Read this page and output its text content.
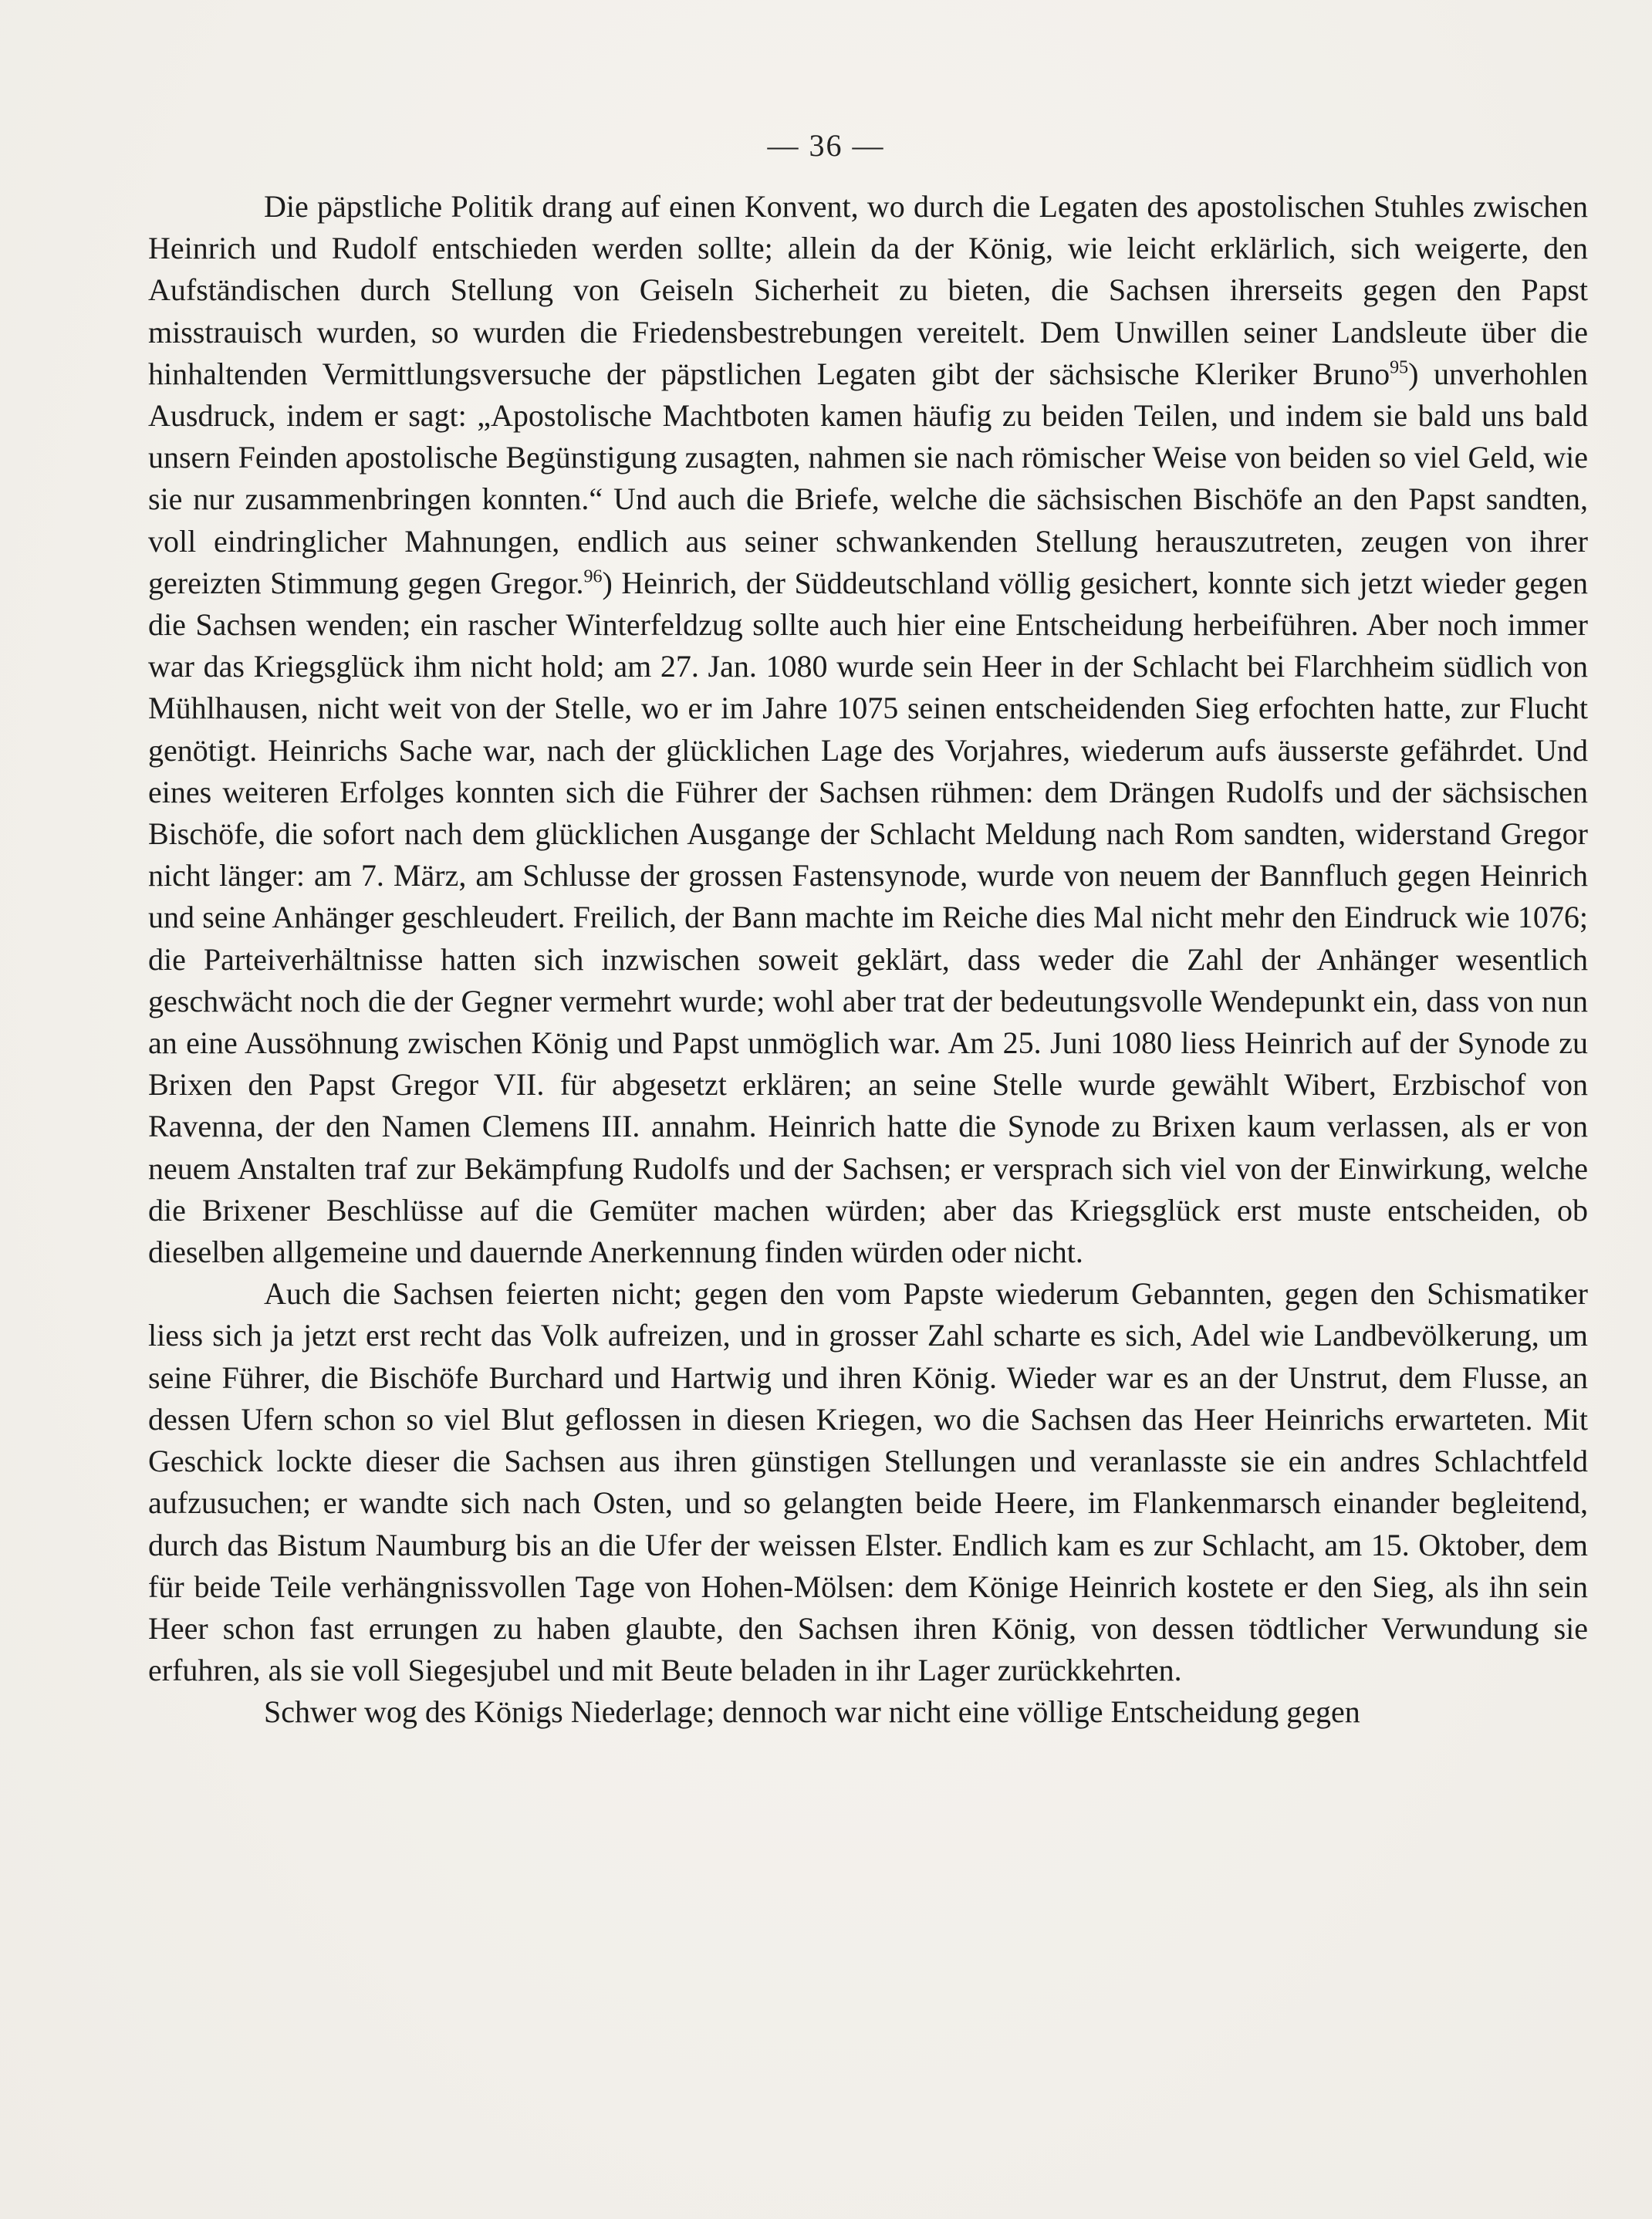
— 36 —

Die päpstliche Politik drang auf einen Konvent, wo durch die Legaten des apostolischen Stuhles zwischen Heinrich und Rudolf entschieden werden sollte; allein da der König, wie leicht erklärlich, sich weigerte, den Aufständischen durch Stellung von Geiseln Sicherheit zu bieten, die Sachsen ihrerseits gegen den Papst misstrauisch wurden, so wurden die Friedensbestrebungen vereitelt. Dem Unwillen seiner Landsleute über die hinhaltenden Vermittlungsversuche der päpstlichen Legaten gibt der sächsische Kleriker Bruno$^{95}$) unverhohlen Ausdruck, indem er sagt: „Apostolische Machtboten kamen häufig zu beiden Teilen, und indem sie bald uns bald unsern Feinden apostolische Begünstigung zusagten, nahmen sie nach römischer Weise von beiden so viel Geld, wie sie nur zusammenbringen konnten.“ Und auch die Briefe, welche die sächsischen Bischöfe an den Papst sandten, voll eindringlicher Mahnungen, endlich aus seiner schwankenden Stellung herauszutreten, zeugen von ihrer gereizten Stimmung gegen Gregor.$^{96}$) Heinrich, der Süddeutschland völlig gesichert, konnte sich jetzt wieder gegen die Sachsen wenden; ein rascher Winterfeldzug sollte auch hier eine Entscheidung herbeiführen. Aber noch immer war das Kriegsglück ihm nicht hold; am 27. Jan. 1080 wurde sein Heer in der Schlacht bei Flarchheim südlich von Mühlhausen, nicht weit von der Stelle, wo er im Jahre 1075 seinen entscheidenden Sieg erfochten hatte, zur Flucht genötigt. Heinrichs Sache war, nach der glücklichen Lage des Vorjahres, wiederum aufs äusserste gefährdet. Und eines weiteren Erfolges konnten sich die Führer der Sachsen rühmen: dem Drängen Rudolfs und der sächsischen Bischöfe, die sofort nach dem glücklichen Ausgange der Schlacht Meldung nach Rom sandten, widerstand Gregor nicht länger: am 7. März, am Schlusse der grossen Fastensynode, wurde von neuem der Bannfluch gegen Heinrich und seine Anhänger geschleudert. Freilich, der Bann machte im Reiche dies Mal nicht mehr den Eindruck wie 1076; die Parteiverhältnisse hatten sich inzwischen soweit geklärt, dass weder die Zahl der Anhänger wesentlich geschwächt noch die der Gegner vermehrt wurde; wohl aber trat der bedeutungsvolle Wendepunkt ein, dass von nun an eine Aussöhnung zwischen König und Papst unmöglich war. Am 25. Juni 1080 liess Heinrich auf der Synode zu Brixen den Papst Gregor VII. für abgesetzt erklären; an seine Stelle wurde gewählt Wibert, Erzbischof von Ravenna, der den Namen Clemens III. annahm. Heinrich hatte die Synode zu Brixen kaum verlassen, als er von neuem Anstalten traf zur Bekämpfung Rudolfs und der Sachsen; er versprach sich viel von der Einwirkung, welche die Brixener Beschlüsse auf die Gemüter machen würden; aber das Kriegsglück erst muste entscheiden, ob dieselben allgemeine und dauernde Anerkennung finden würden oder nicht.

Auch die Sachsen feierten nicht; gegen den vom Papste wiederum Gebannten, gegen den Schismatiker liess sich ja jetzt erst recht das Volk aufreizen, und in grosser Zahl scharte es sich, Adel wie Landbevölkerung, um seine Führer, die Bischöfe Burchard und Hartwig und ihren König. Wieder war es an der Unstrut, dem Flusse, an dessen Ufern schon so viel Blut geflossen in diesen Kriegen, wo die Sachsen das Heer Heinrichs erwarteten. Mit Geschick lockte dieser die Sachsen aus ihren günstigen Stellungen und veranlasste sie ein andres Schlachtfeld aufzusuchen; er wandte sich nach Osten, und so gelangten beide Heere, im Flankenmarsch einander begleitend, durch das Bistum Naumburg bis an die Ufer der weissen Elster. Endlich kam es zur Schlacht, am 15. Oktober, dem für beide Teile verhängnissvollen Tage von Hohen-Mölsen: dem Könige Heinrich kostete er den Sieg, als ihn sein Heer schon fast errungen zu haben glaubte, den Sachsen ihren König, von dessen tödtlicher Verwundung sie erfuhren, als sie voll Siegesjubel und mit Beute beladen in ihr Lager zurückkehrten.

Schwer wog des Königs Niederlage; dennoch war nicht eine völlige Entscheidung gegen
